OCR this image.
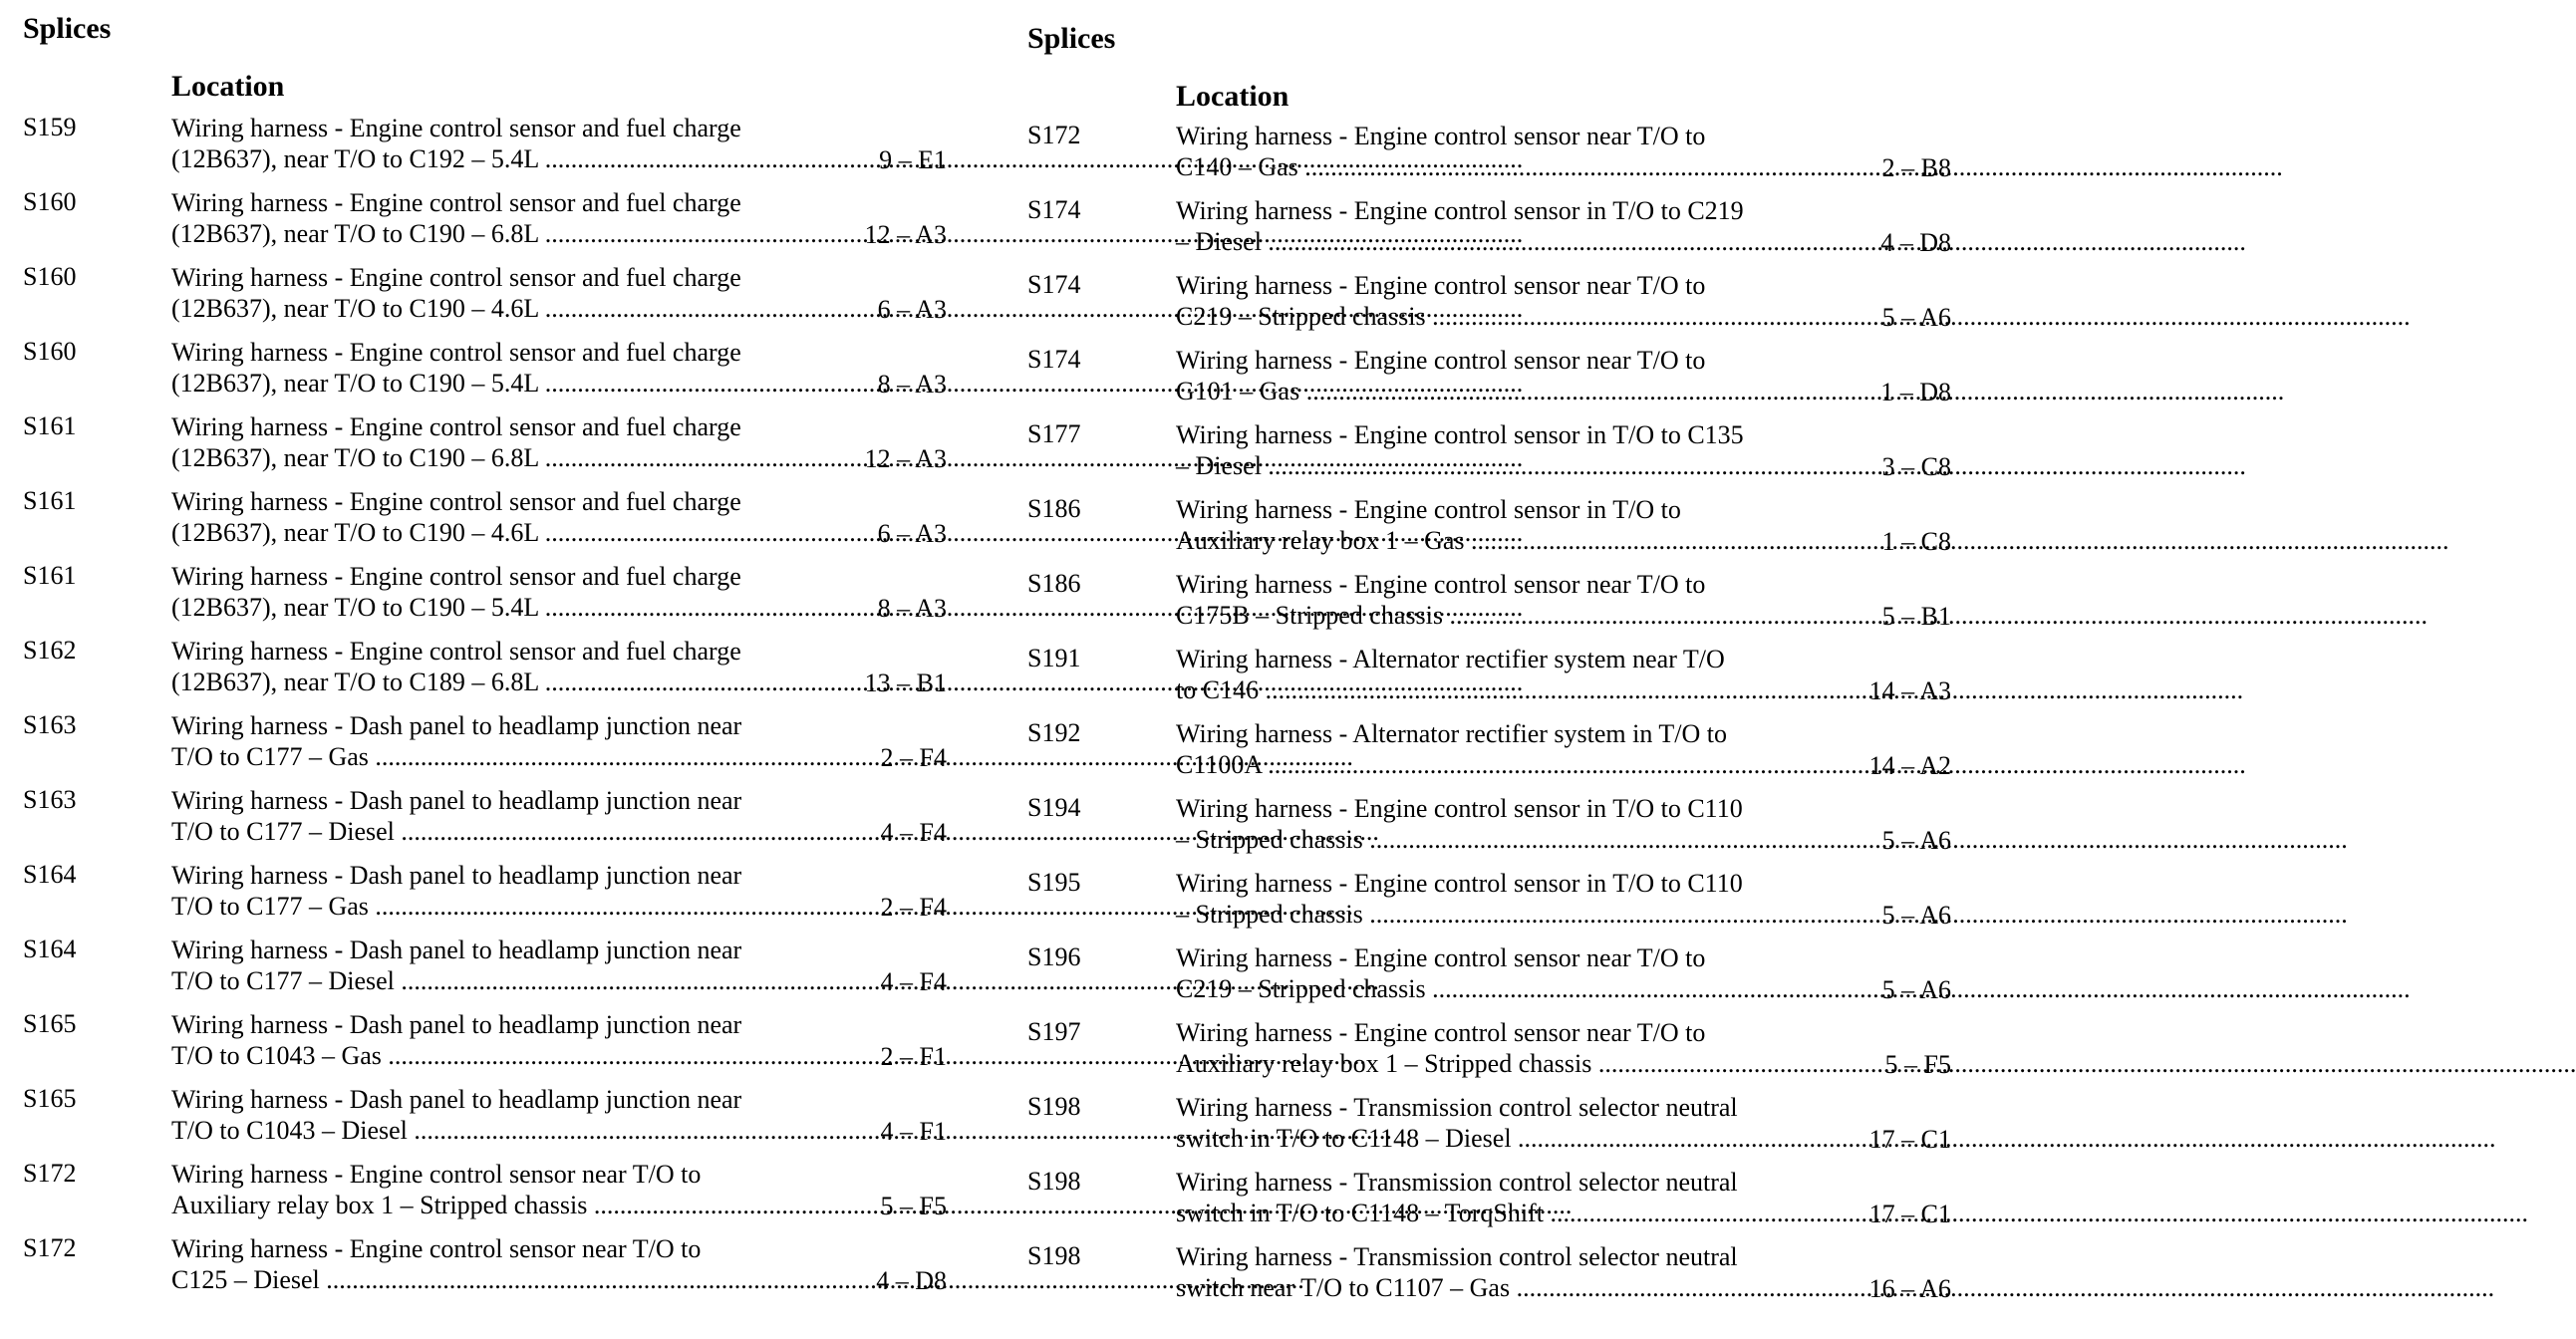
Splices
Location
S159	Wiring harness - Engine control sensor and fuel charge
(12B637), near T/O to C192 – 5.4L .....	9 – E1
S160	Wiring harness - Engine control sensor and fuel charge
(12B637), near T/O to C190 – 6.8L .....	12 – A3
S160	Wiring harness - Engine control sensor and fuel charge
(12B637), near T/O to C190 – 4.6L .....	6 – A3
S160	Wiring harness - Engine control sensor and fuel charge
(12B637), near T/O to C190 – 5.4L .....	8 – A3
S161	Wiring harness - Engine control sensor and fuel charge
(12B637), near T/O to C190 – 6.8L .....	12 – A3
S161	Wiring harness - Engine control sensor and fuel charge
(12B637), near T/O to C190 – 4.6L .....	6 – A3
S161	Wiring harness - Engine control sensor and fuel charge
(12B637), near T/O to C190 – 5.4L .....	8 – A3
S162	Wiring harness - Engine control sensor and fuel charge
(12B637), near T/O to C189 – 6.8L .....	13 – B1
S163	Wiring harness - Dash panel to headlamp junction near
T/O to C177 – Gas .....	2 – F4
S163	Wiring harness - Dash panel to headlamp junction near
T/O to C177 – Diesel .....	4 – F4
S164	Wiring harness - Dash panel to headlamp junction near
T/O to C177 – Gas .....	2 – F4
S164	Wiring harness - Dash panel to headlamp junction near
T/O to C177 – Diesel .....	4 – F4
S165	Wiring harness - Dash panel to headlamp junction near
T/O to C1043 – Gas .....	2 – F1
S165	Wiring harness - Dash panel to headlamp junction near
T/O to C1043 – Diesel .....	4 – F1
S172	Wiring harness - Engine control sensor near T/O to
Auxiliary relay box 1 – Stripped chassis .....	5 – F5
S172	Wiring harness - Engine control sensor near T/O to
C125 – Diesel .....	4 – D8
Splices
Location
S172	Wiring harness - Engine control sensor near T/O to
C140 – Gas .....	2 – B8
S174	Wiring harness - Engine control sensor in T/O to C219
– Diesel .....	4 – D8
S174	Wiring harness - Engine control sensor near T/O to
C219 – Stripped chassis .....	5 – A6
S174	Wiring harness - Engine control sensor near T/O to
G101 – Gas .....	1 – D8
S177	Wiring harness - Engine control sensor in T/O to C135
– Diesel .....	3 – C8
S186	Wiring harness - Engine control sensor in T/O to
Auxiliary relay box 1 – Gas .....	1 – C8
S186	Wiring harness - Engine control sensor near T/O to
C175B – Stripped chassis .....	5 – B1
S191	Wiring harness - Alternator rectifier system near T/O
to C146 .....	14 – A3
S192	Wiring harness - Alternator rectifier system in T/O to
C1100A .....	14 – A2
S194	Wiring harness - Engine control sensor in T/O to C110
– Stripped chassis .....	5 – A6
S195	Wiring harness - Engine control sensor in T/O to C110
– Stripped chassis .....	5 – A6
S196	Wiring harness - Engine control sensor near T/O to
C219 – Stripped chassis .....	5 – A6
S197	Wiring harness - Engine control sensor near T/O to
Auxiliary relay box 1 – Stripped chassis .....	5 – F5
S198	Wiring harness - Transmission control selector neutral
switch in T/O to C1148 – Diesel .....	17 – C1
S198	Wiring harness - Transmission control selector neutral
switch in T/O to C1148 – TorqShift .....	17 – C1
S198	Wiring harness - Transmission control selector neutral
switch near T/O to C1107 – Gas .....	16 – A6
